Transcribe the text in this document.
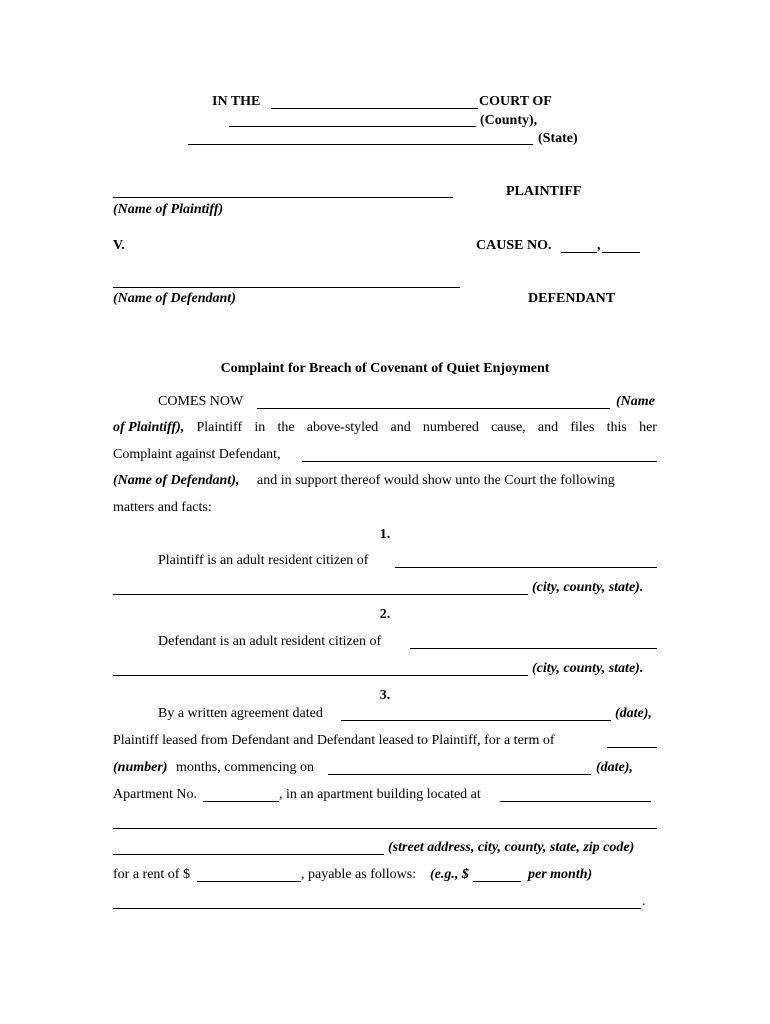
IN THE	COURT OF
(County),
(State)
PLAINTIFF
(Name of Plaintiff)
V.	CAUSE NO.	,
(Name of Defendant)	DEFENDANT
Complaint for Breach of Covenant of Quiet Enjoyment
COMES NOW	(Name
of Plaintiff), Plaintiff in the above-styled and numbered cause, and files this her
Complaint against Defendant,
(Name of Defendant), and in support thereof would show unto the Court the following
matters and facts:
1.
Plaintiff is an adult resident citizen of
(city, county, state).
2.
Defendant is an adult resident citizen of
(city, county, state).
3.
By a written agreement dated	(date),
Plaintiff leased from Defendant and Defendant leased to Plaintiff, for a term of
(number) months, commencing on	(date),
Apartment No.	, in an apartment building located at
(street address, city, county, state, zip code)
for a rent of $	, payable as follows: (e.g., $	per month)
.
